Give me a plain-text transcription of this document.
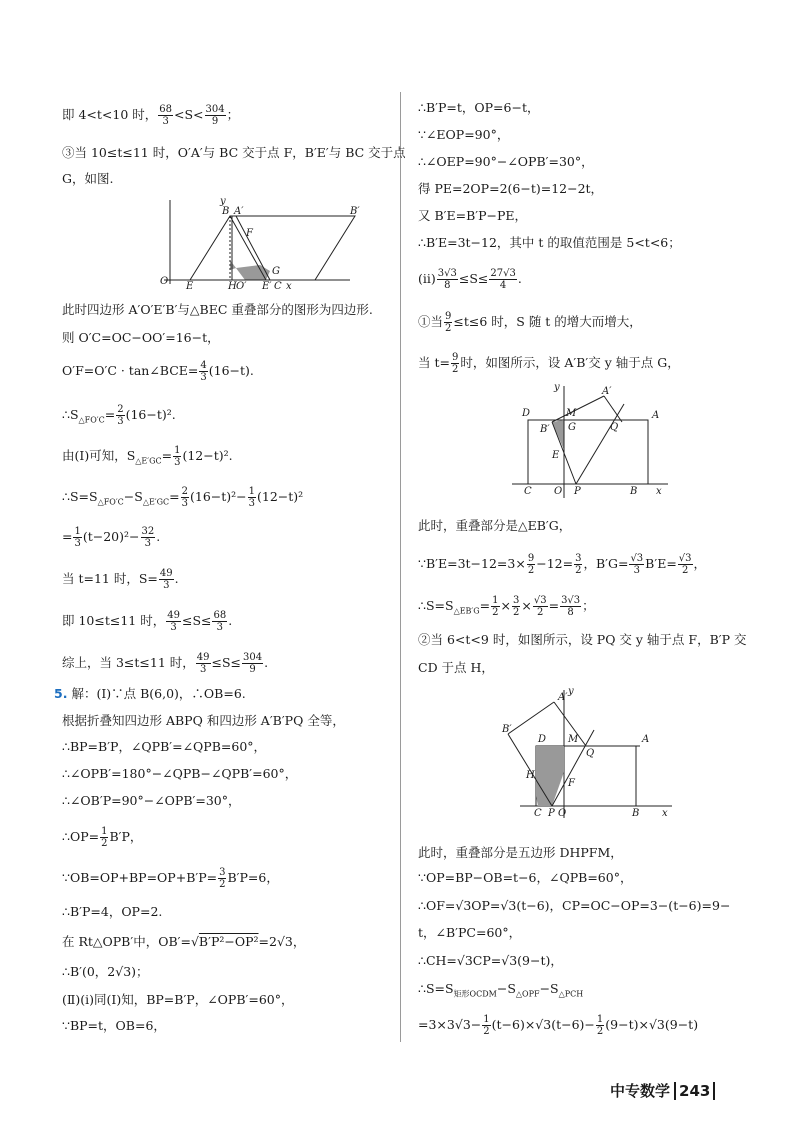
即 4<t<10 时， $\frac{68}{3} <S< \frac{304}{9}$ ；
③当 10≤t≤11 时，O′A′与 BC 交于点 F，B′E′与 BC 交于点
G，如图.
y
O E	H O′ E′ C x
B A′	B′
F
G
此时四边形 A′O′E′B′与△BEC 重叠部分的图形为四边形.
则 O′C=OC−OO′=16−t，
O′F=O′C · tan∠BCE= $\frac{4}{3} (16-t)$.
$\therefore S_{\triangle FO'C}= \frac{2}{3} (16-t)^2$.
由(Ⅰ)可知，$S_{\triangle E'GC}= \frac{1}{3} (12-t)^2$.
$\therefore S=S_{\triangle FO'C}-S_{\triangle E'GC}= \frac{2}{3} (16-t)^2- \frac{1}{3} (12-t)^2$
= $\frac{1}{3} (t-20)^2- \frac{32}{3}$ .
当 t=11 时，$S= \frac{49}{3}$ .
即 10≤t≤11 时， $\frac{49}{3} \le S\le \frac{68}{3}$ .
综上，当 3≤t≤11 时， $\frac{49}{3} \le S\le \frac{304}{9}$ .
5. 解：(Ⅰ)∵点 B(6,0)，∴OB=6.
根据折叠知四边形 ABPQ 和四边形 A′B′PQ 全等，
∴BP=B′P，∠QPB′=∠QPB=60°，
∴∠OPB′=180°−∠QPB−∠QPB′=60°，
∴∠OB′P=90°−∠OPB′=30°，
∴OP= $\frac{1}{2} B'P$，
∵OB=OP+BP=OP+B′P= $\frac{3}{2} B'P=6$，
∴B′P=4，OP=2.
在 Rt△OPB′中，OB′=√B′P²−OP²=2√3，
∴B′(0，2√3)；
(Ⅱ)(ⅰ)同(Ⅰ)知，BP=B′P，∠OPB′=60°，
∵BP=t，OB=6，
∴B′P=t，OP=6−t，
∵∠EOP=90°，
∴∠OEP=90°−∠OPB′=30°，
得 PE=2OP=2(6−t)=12−2t，
又 B′E=B′P−PE，
∴B′E=3t−12，其中 t 的取值范围是 5<t<6；
(ⅱ) $\frac{3√3}{8} \le S\le \frac{27√3}{4}$ .
①当 $\frac{9}{2} \le t\le 6$ 时，S 随 t 的增大而增大，
当 $t= \frac{9}{2}$ 时，如图所示，设 A′B′交 y 轴于点 G，
y
D	M
A′
A
B′ G	Q
E
C O P	B x
此时，重叠部分是△EB′G，
∵B′E=3t−12=3× $\frac{9}{2} -12= \frac{3}{2}$ ，$B'G= \frac{√3}{3} B'E= \frac{√3}{2}$ ，
$\therefore S=S_{\triangle EB'G}= \frac{1}{2} \times \frac{3}{2} \times \frac{√3}{2} = \frac{3√3}{8}$ ；
②当 6<t<9 时，如图所示，设 PQ 交 y 轴于点 F，B′P 交
CD 于点 H，
y
A′
B′
D M
Q
A
H
F
C P O	B x
此时，重叠部分是五边形 DHPFM，
∵OP=BP−OB=t−6，∠QPB=60°，
∴OF=√3OP=√3(t−6)，CP=OC−OP=3−(t−6)=9−
t，∠B′PC=60°，
∴CH=√3CP=√3(9−t)，
$\therefore S=S_{矩形OCDM}-S_{\triangle OPF}-S_{\triangle PCH}$
$=3\times 3√3- \frac{1}{2} (t-6)\times√3(t-6)- \frac{1}{2} (9-t)\times√3(9-t)$
中专数学 243
